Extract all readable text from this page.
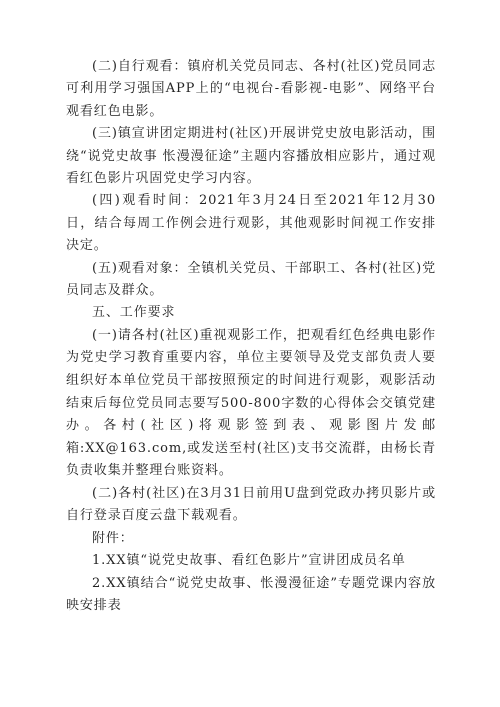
(二)自行观看：镇府机关党员同志、各村(社区)党员同志可利用学习强国APP上的“电视台-看影视-电影”、网络平台观看红色电影。

(三)镇宣讲团定期进村(社区)开展讲党史放电影活动，围绕“说党史故事 怅漫漫征途”主题内容播放相应影片，通过观看红色影片巩固党史学习内容。

(四)观看时间：2021年3月24日至2021年12月30日，结合每周工作例会进行观影，其他观影时间视工作安排决定。

(五)观看对象：全镇机关党员、干部职工、各村(社区)党员同志及群众。

五、工作要求

(一)请各村(社区)重视观影工作，把观看红色经典电影作为党史学习教育重要内容，单位主要领导及党支部负责人要组织好本单位党员干部按照预定的时间进行观影，观影活动结束后每位党员同志要写500-800字数的心得体会交镇党建办。各村(社区)将观影签到表、观影图片发邮箱:XX@163.com,或发送至村(社区)支书交流群，由杨长青负责收集并整理台账资料。

(二)各村(社区)在3月31日前用U盘到党政办拷贝影片或自行登录百度云盘下载观看。

附件：

1.XX镇“说党史故事、看红色影片”宣讲团成员名单

2.XX镇结合“说党史故事、怅漫漫征途”专题党课内容放映安排表
